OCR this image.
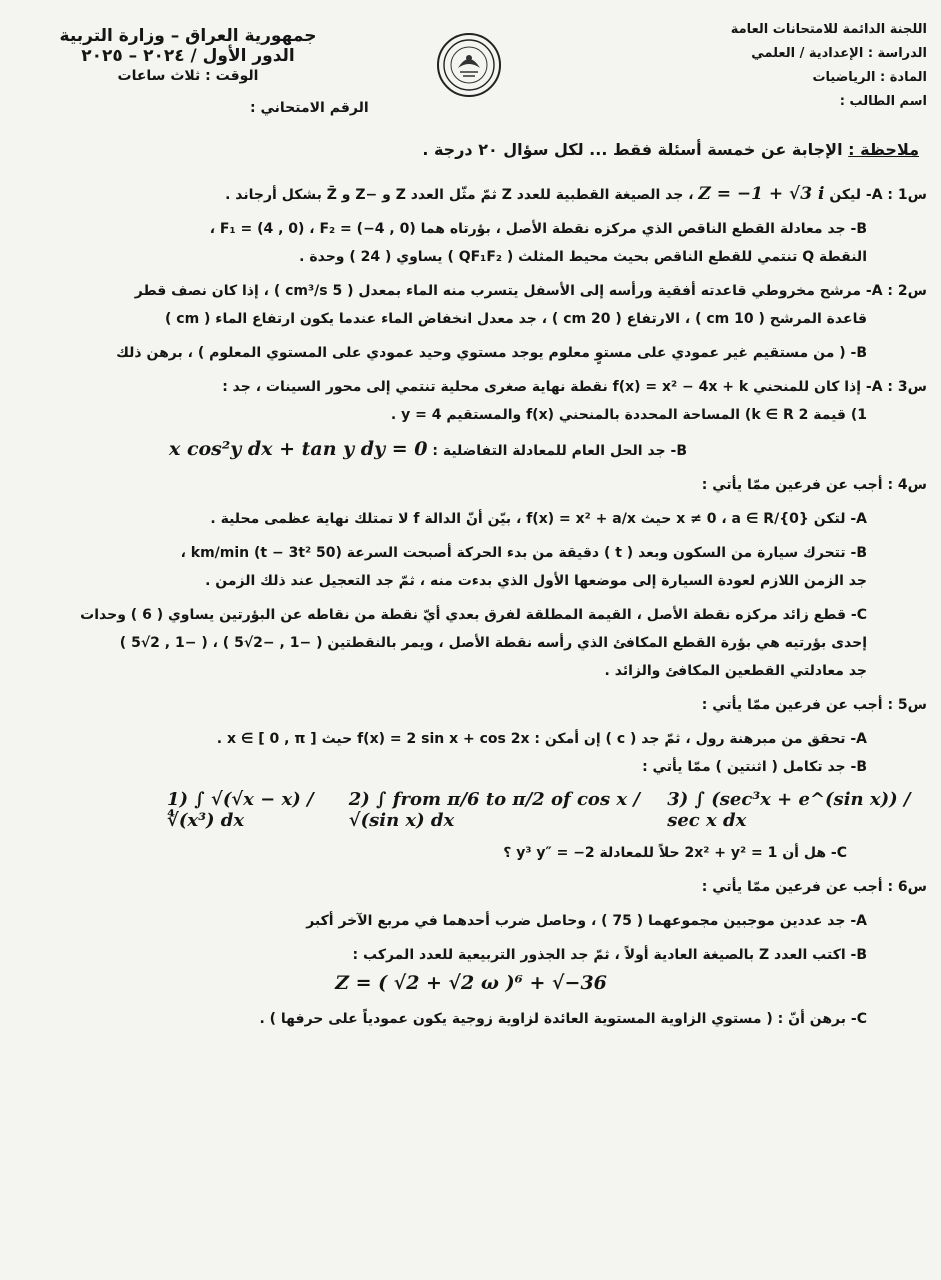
اللجنة الدائمة للامتحانات العامة
الدراسة : الإعدادية / العلمي
المادة : الرياضيات
اسم الطالب :
جمهورية العراق – وزارة التربية
الدور الأول / ٢٠٢٤ – ٢٠٢٥
الوقت : ثلاث ساعات
الرقم الامتحاني :
ملاحظة : الإجابة عن خمسة أسئلة فقط ... لكل سؤال ٢٠ درجة .
س1 : A- ليكن Z = −1 + √3 i ، جد الصيغة القطبية للعدد Z ثمّ مثّل العدد Z و −Z و Z̄ بشكل أرجاند .
B- جد معادلة القطع الناقص الذي مركزه نقطة الأصل ، بؤرتاه هما F₁ = (4 , 0) ، F₂ = (−4 , 0) ،
النقطة Q تنتمي للقطع الناقص بحيث محيط المثلث ( QF₁F₂ ) يساوي ( 24 ) وحدة .
س2 : A- مرشح مخروطي قاعدته أفقية ورأسه إلى الأسفل يتسرب منه الماء بمعدل ( 5 cm³/s ) ، إذا كان نصف قطر
قاعدة المرشح ( 10 cm ) ، الارتفاع ( 20 cm ) ، جد معدل انخفاض الماء عندما يكون ارتفاع الماء ( cm )
B- ( من مستقيم غير عمودي على مستوٍ معلوم يوجد مستوي وحيد عمودي على المستوي المعلوم ) ، برهن ذلك
س3 : A- إذا كان للمنحني f(x) = x² − 4x + k نقطة نهاية صغرى محلية تنتمي إلى محور السينات ، جد :
1) قيمة k ∈ R 2) المساحة المحددة بالمنحني f(x) والمستقيم y = 4 .
B- جد الحل العام للمعادلة التفاضلية : x cos²y dx + tan y dy = 0
س4 : أجب عن فرعين ممّا يأتي :
A- لتكن x ≠ 0 ، a ∈ R/{0} حيث f(x) = x² + a/x ، بيّن أنّ الدالة f لا تمتلك نهاية عظمى محلية .
B- تتحرك سيارة من السكون وبعد ( t ) دقيقة من بدء الحركة أصبحت السرعة (50 t − 3t²) km/min ،
جد الزمن اللازم لعودة السيارة إلى موضعها الأول الذي بدءت منه ، ثمّ جد التعجيل عند ذلك الزمن .
C- قطع زائد مركزه نقطة الأصل ، القيمة المطلقة لفرق بعدي أيّ نقطة من نقاطه عن البؤرتين يساوي ( 6 ) وحدات
إحدى بؤرتيه هي بؤرة القطع المكافئ الذي رأسه نقطة الأصل ، ويمر بالنقطتين ( −1 , −2√5 ) ، ( −1 , 2√5 )
جد معادلتي القطعين المكافئ والزائد .
س5 : أجب عن فرعين ممّا يأتي :
A- تحقق من مبرهنة رول ، ثمّ جد ( c ) إن أمكن : f(x) = 2 sin x + cos 2x حيث x ∈ [ 0 , π ] .
B- جد تكامل ( اثنتين ) ممّا يأتي :
1) ∫ √(√x − x) / ∜(x³) dx
2) ∫ from π/6 to π/2 of cos x / √(sin x) dx
3) ∫ (sec³x + e^(sin x)) / sec x dx
C- هل أن 2x² + y² = 1 حلاً للمعادلة y³ y″ = −2 ؟
س6 : أجب عن فرعين ممّا يأتي :
A- جد عددين موجبين مجموعهما ( 75 ) ، وحاصل ضرب أحدهما في مربع الآخر أكبر
B- اكتب العدد Z بالصيغة العادية أولاً ، ثمّ جد الجذور التربيعية للعدد المركب :
Z = ( √2 + √2 ω )⁶ + √−36
C- برهن أنّ : ( مستوي الزاوية المستوية العائدة لزاوية زوجية يكون عمودياً على حرفها ) .
